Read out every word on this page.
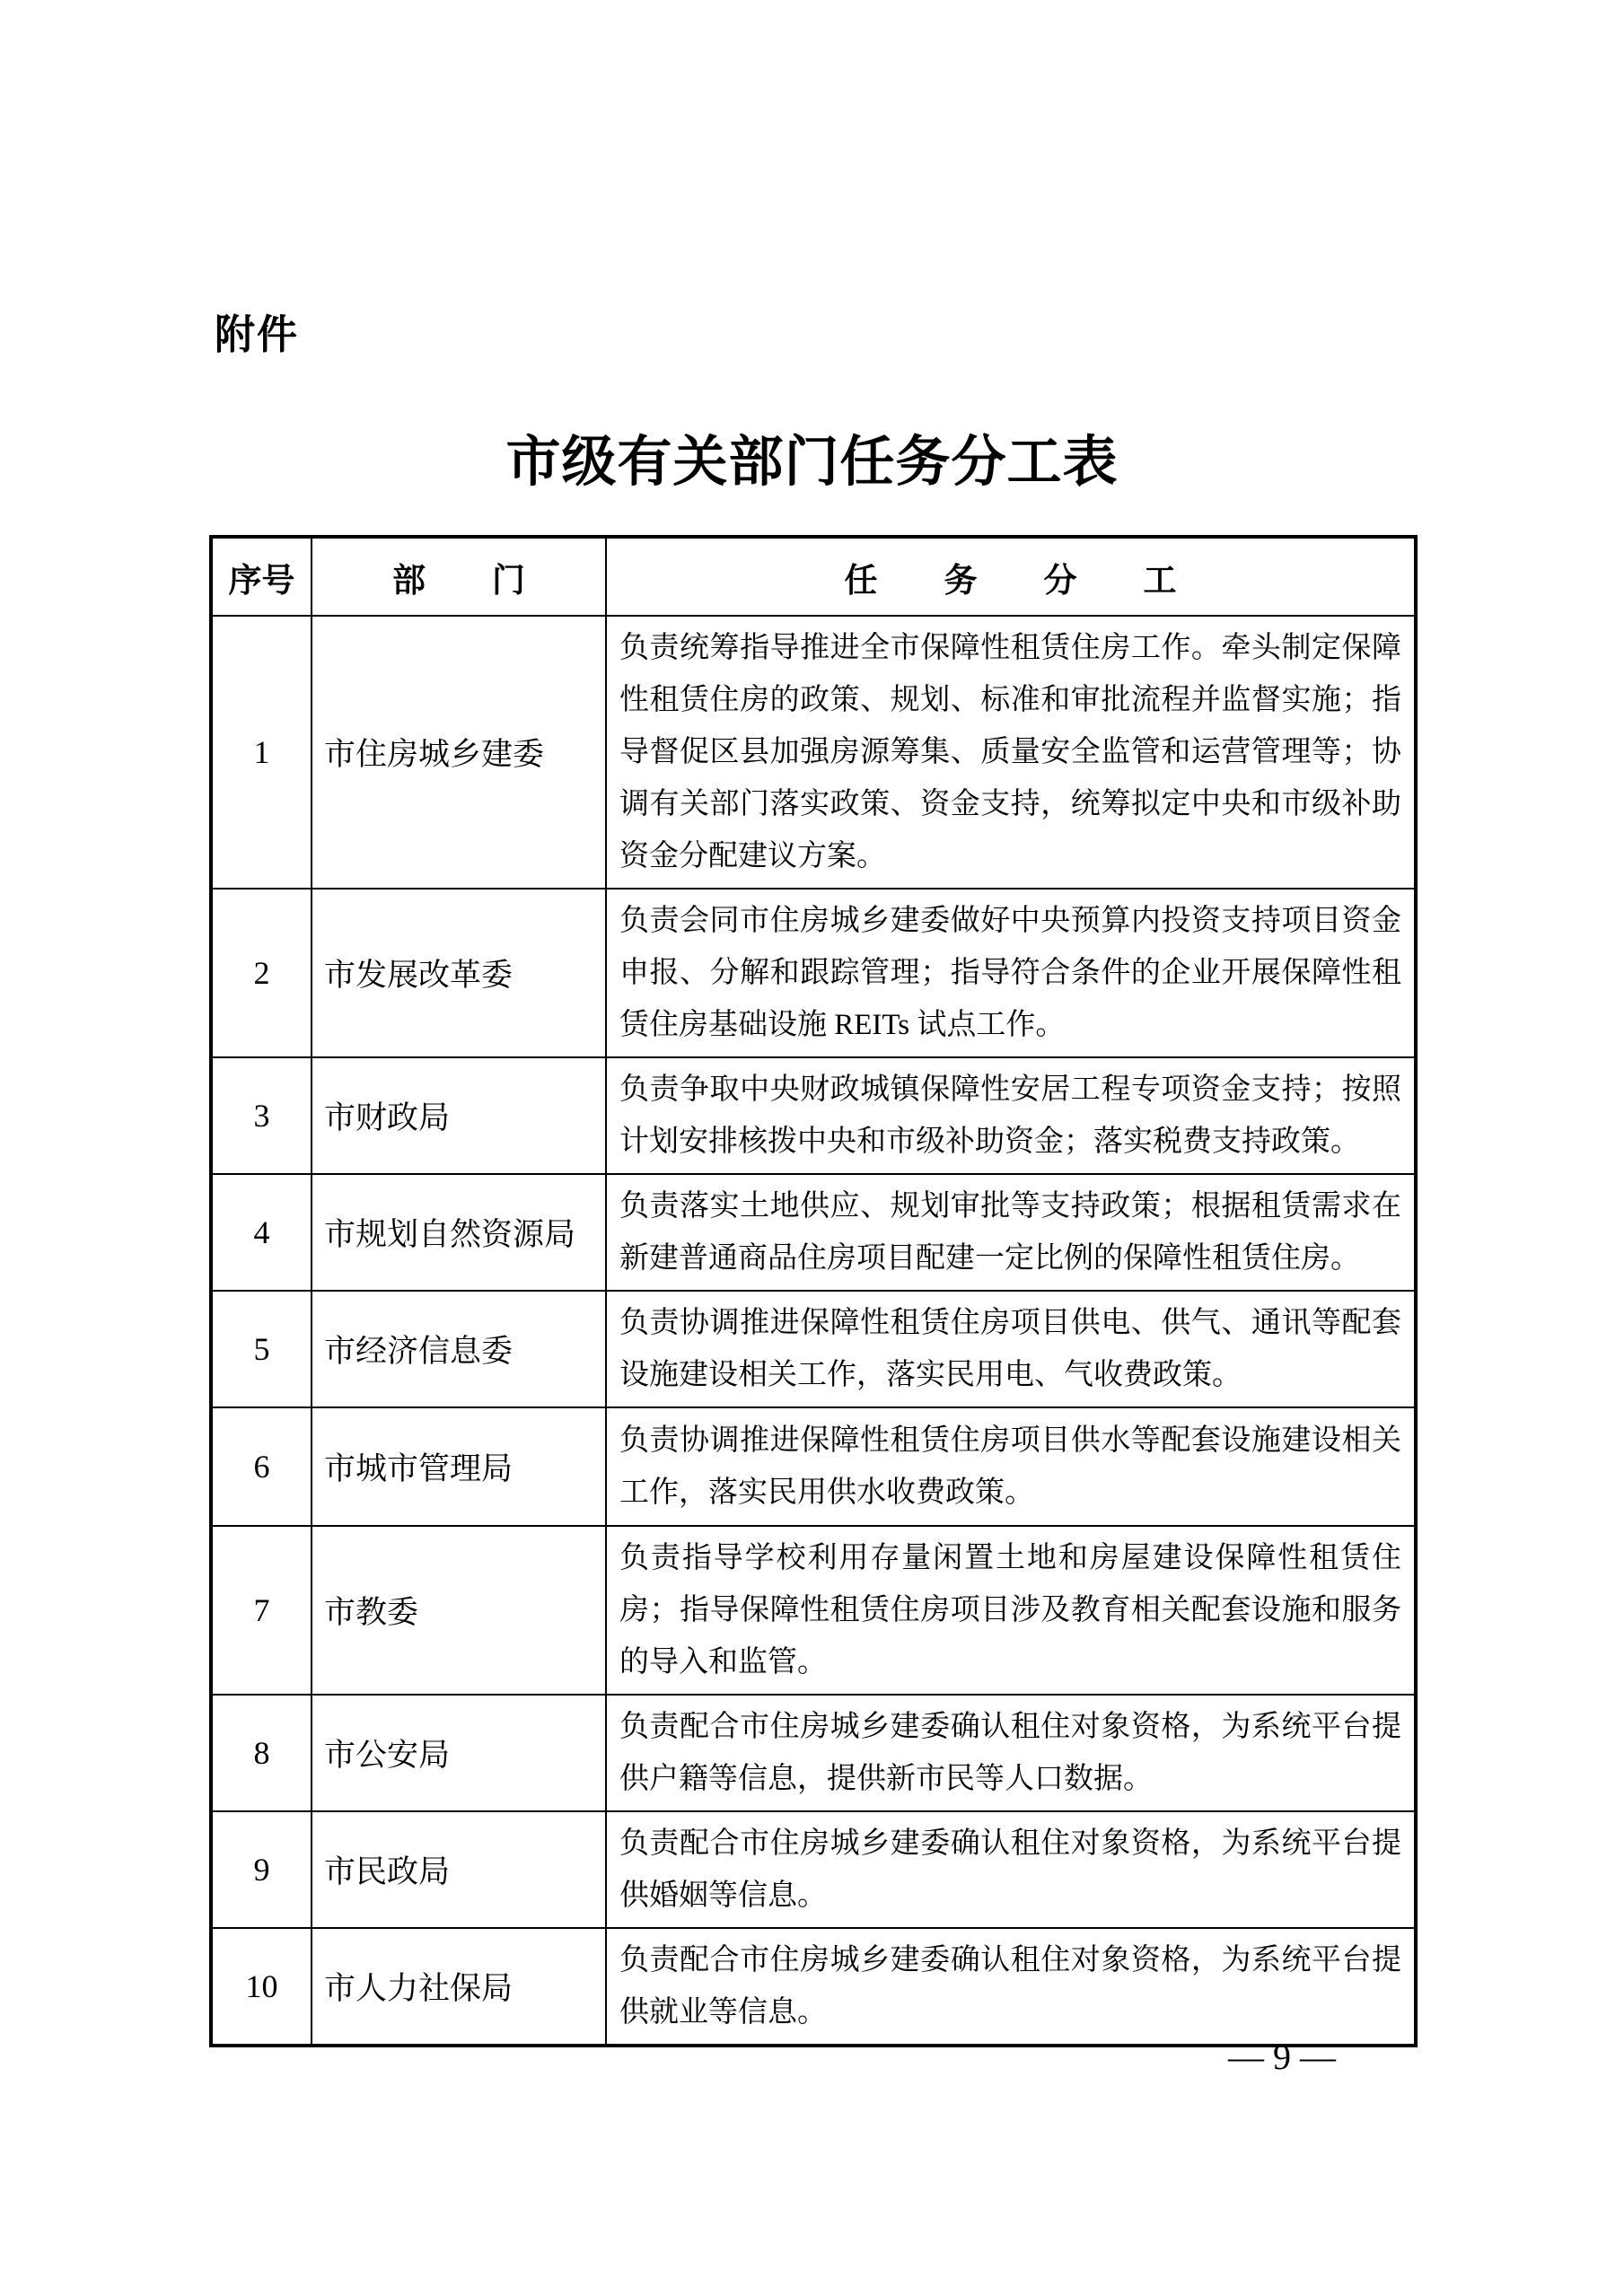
附件
市级有关部门任务分工表
序号	部　　门	任　　务　　分　　工
1	市住房城乡建委	负责统筹指导推进全市保障性租赁住房工作。牵头制定保障性租赁住房的政策、规划、标准和审批流程并监督实施；指导督促区县加强房源筹集、质量安全监管和运营管理等；协调有关部门落实政策、资金支持，统筹拟定中央和市级补助资金分配建议方案。
2	市发展改革委	负责会同市住房城乡建委做好中央预算内投资支持项目资金申报、分解和跟踪管理；指导符合条件的企业开展保障性租赁住房基础设施 REITs 试点工作。
3	市财政局	负责争取中央财政城镇保障性安居工程专项资金支持；按照计划安排核拨中央和市级补助资金；落实税费支持政策。
4	市规划自然资源局	负责落实土地供应、规划审批等支持政策；根据租赁需求在新建普通商品住房项目配建一定比例的保障性租赁住房。
5	市经济信息委	负责协调推进保障性租赁住房项目供电、供气、通讯等配套设施建设相关工作，落实民用电、气收费政策。
6	市城市管理局	负责协调推进保障性租赁住房项目供水等配套设施建设相关工作，落实民用供水收费政策。
7	市教委	负责指导学校利用存量闲置土地和房屋建设保障性租赁住房；指导保障性租赁住房项目涉及教育相关配套设施和服务的导入和监管。
8	市公安局	负责配合市住房城乡建委确认租住对象资格，为系统平台提供户籍等信息，提供新市民等人口数据。
9	市民政局	负责配合市住房城乡建委确认租住对象资格，为系统平台提供婚姻等信息。
10	市人力社保局	负责配合市住房城乡建委确认租住对象资格，为系统平台提供就业等信息。
— 9 —
